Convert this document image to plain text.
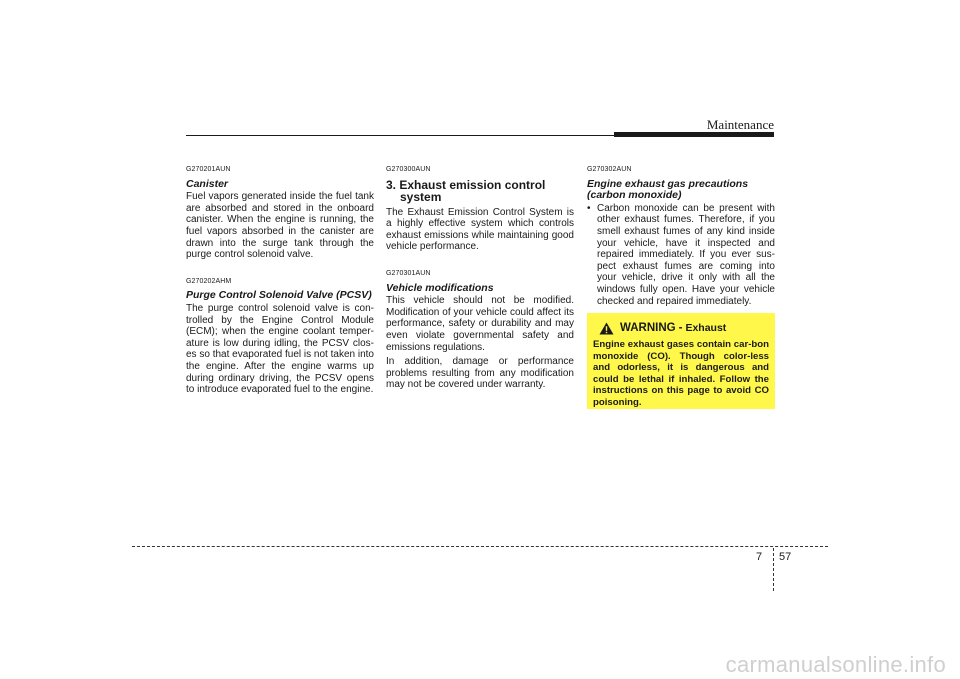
Maintenance
G270201AUN
Canister

Fuel vapors generated inside the fuel tank are absorbed and stored in the onboard canister. When the engine is running, the fuel vapors absorbed in the canister are drawn into the surge tank through the purge control solenoid valve.

G270202AHM
Purge Control Solenoid Valve (PCSV)

The purge control solenoid valve is con-trolled by the Engine Control Module (ECM); when the engine coolant temper-ature is low during idling, the PCSV clos-es so that evaporated fuel is not taken into the engine. After the engine warms up during ordinary driving, the PCSV opens to introduce evaporated fuel to the engine.

G270300AUN
3. Exhaust emission control system

The Exhaust Emission Control System is a highly effective system which controls exhaust emissions while maintaining good vehicle performance.

G270301AUN
Vehicle modifications

This vehicle should not be modified. Modification of your vehicle could affect its performance, safety or durability and may even violate governmental safety and emissions regulations.

In addition, damage or performance problems resulting from any modification may not be covered under warranty.

G270302AUN
Engine exhaust gas precautions (carbon monoxide)
• Carbon monoxide can be present with other exhaust fumes. Therefore, if you smell exhaust fumes of any kind inside your vehicle, have it inspected and repaired immediately. If you ever sus-pect exhaust fumes are coming into your vehicle, drive it only with all the windows fully open. Have your vehicle checked and repaired immediately.
WARNING - Exhaust

Engine exhaust gases contain car-bon monoxide (CO). Though color-less and odorless, it is dangerous and could be lethal if inhaled. Follow the instructions on this page to avoid CO poisoning.

7 57
carmanualsonline.info
